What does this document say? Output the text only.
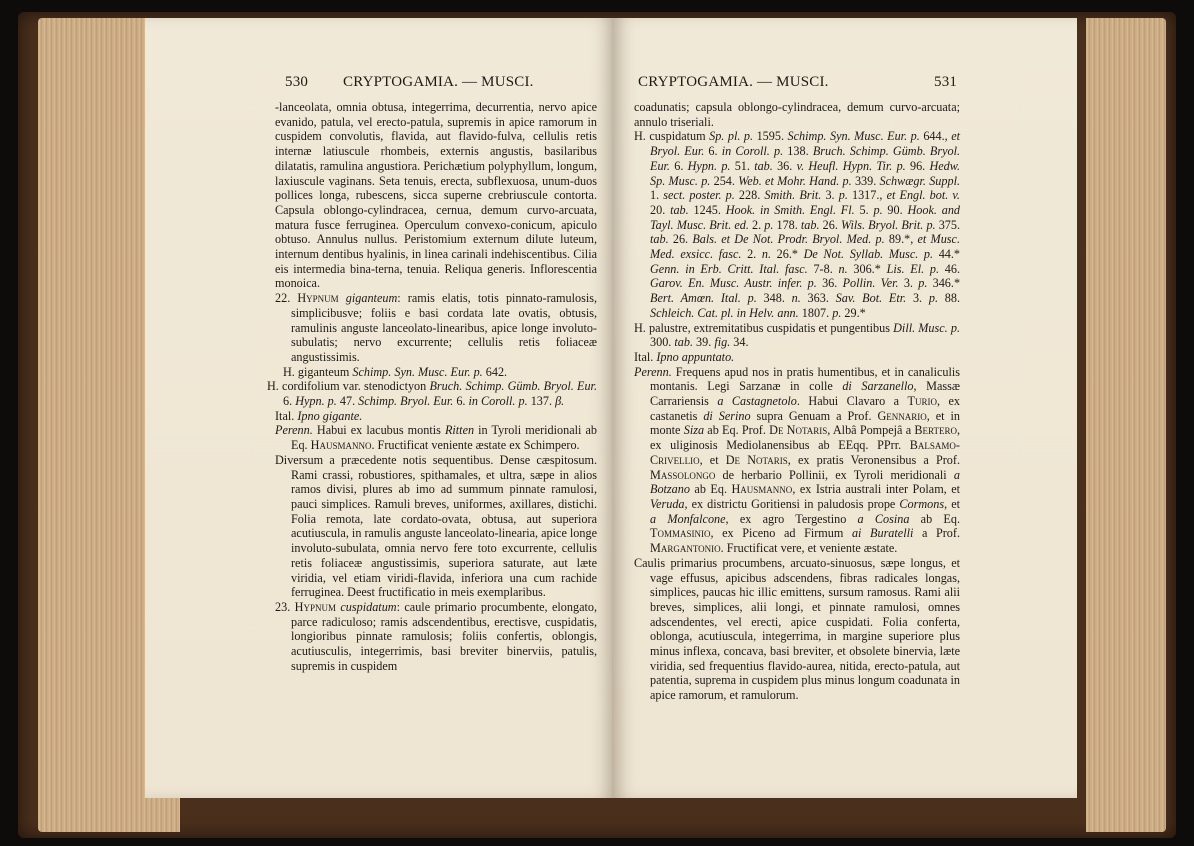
530 CRYPTOGAMIA. — MUSCI.

-lanceolata, omnia obtusa, integerrima, decurrentia, nervo apice evanido, patula, vel erecto-patula, supremis in apice ramorum in cuspidem convolutis, flavida, aut flavido-fulva, cellulis retis internæ latiuscule rhombeis, externis angustis, basilaribus dilatatis, ramulina angustiora. Perichætium polyphyllum, longum, laxiuscule vaginans. Seta tenuis, erecta, subflexuosa, unum-duos pollices longa, rubescens, sicca superne crebriuscule contorta. Capsula oblongo-cylindracea, cernua, demum curvo-arcuata, matura fusce ferruginea. Operculum convexo-conicum, apiculo obtuso. Annulus nullus. Peristomium externum dilute luteum, internum dentibus hyalinis, in linea carinali indehiscentibus. Cilia eis intermedia bina-terna, tenuia. Reliqua generis. Inflorescentia monoica.

22. Hypnum giganteum: ramis elatis, totis pinnato-ramulosis, simplicibusve; foliis e basi cordata late ovatis, obtusis, ramulinis anguste lanceolato-linearibus, apice longe involuto-subulatis; nervo excurrente; cellulis retis foliaceæ angustissimis.

H. giganteum Schimp. Syn. Musc. Eur. p. 642.

H. cordifolium var. stenodictyon Bruch. Schimp. Gümb. Bryol. Eur. 6. Hypn. p. 47. Schimp. Bryol. Eur. 6. in Coroll. p. 137. β.

Ital. Ipno gigante.

Perenn. Habui ex lacubus montis Ritten in Tyroli meridionali ab Eq. Hausmanno. Fructificat veniente æstate ex Schimpero.

Diversum a præcedente notis sequentibus. Dense cæspitosum. Rami crassi, robustiores, spithamales, et ultra, sæpe in alios ramos divisi, plures ab imo ad summum pinnate ramulosi, pauci simplices. Ramuli breves, uniformes, axillares, distichi. Folia remota, late cordato-ovata, obtusa, aut superiora acutiuscula, in ramulis anguste lanceolato-linearia, apice longe involuto-subulata, omnia nervo fere toto excurrente, cellulis retis foliaceæ angustissimis, superiora saturate, aut læte viridia, vel etiam viridi-flavida, inferiora una cum rachide ferruginea. Deest fructificatio in meis exemplaribus.

23. Hypnum cuspidatum: caule primario procumbente, elongato, parce radiculoso; ramis adscendentibus, erectisve, cuspidatis, longioribus pinnate ramulosis; foliis confertis, oblongis, acutiusculis, integerrimis, basi breviter binerviis, patulis, supremis in cuspidem

CRYPTOGAMIA. — MUSCI.	531

coadunatis; capsula oblongo-cylindracea, demum curvo-arcuata; annulo triseriali.

H. cuspidatum Sp. pl. p. 1595. Schimp. Syn. Musc. Eur. p. 644., et Bryol. Eur. 6. in Coroll. p. 138. Bruch. Schimp. Gümb. Bryol. Eur. 6. Hypn. p. 51. tab. 36. v. Heufl. Hypn. Tir. p. 96. Hedw. Sp. Musc. p. 254. Web. et Mohr. Hand. p. 339. Schwægr. Suppl. 1. sect. poster. p. 228. Smith. Brit. 3. p. 1317., et Engl. bot. v. 20. tab. 1245. Hook. in Smith. Engl. Fl. 5. p. 90. Hook. and Tayl. Musc. Brit. ed. 2. p. 178. tab. 26. Wils. Bryol. Brit. p. 375. tab. 26. Bals. et De Not. Prodr. Bryol. Med. p. 89.*, et Musc. Med. exsicc. fasc. 2. n. 26.* De Not. Syllab. Musc. p. 44.* Genn. in Erb. Critt. Ital. fasc. 7-8. n. 306.* Lis. El. p. 46. Garov. En. Musc. Austr. infer. p. 36. Pollin. Ver. 3. p. 346.* Bert. Amœn. Ital. p. 348. n. 363. Sav. Bot. Etr. 3. p. 88. Schleich. Cat. pl. in Helv. ann. 1807. p. 29.*

H. palustre, extremitatibus cuspidatis et pungentibus Dill. Musc. p. 300. tab. 39. fig. 34.

Ital. Ipno appuntato.

Perenn. Frequens apud nos in pratis humentibus, et in canaliculis montanis. Legi Sarzanæ in colle di Sarzanello, Massæ Carrariensis a Castagnetolo. Habui Clavaro a Turio, ex castanetis di Serino supra Genuam a Prof. Gennario, et in monte Siza ab Eq. Prof. De Notaris, Albâ Pompejâ a Bertero, ex uliginosis Mediolanensibus ab EEqq. PPrr. Balsamo-Crivellio, et De Notaris, ex pratis Veronensibus a Prof. Massolongo de herbario Pollinii, ex Tyroli meridionali a Botzano ab Eq. Hausmanno, ex Istria australi inter Polam, et Veruda, ex districtu Goritiensi in paludosis prope Cormons, et a Monfalcone, ex agro Tergestino a Cosina ab Eq. Tommasinio, ex Piceno ad Firmum ai Buratelli a Prof. Margantonio. Fructificat vere, et veniente æstate.

Caulis primarius procumbens, arcuato-sinuosus, sæpe longus, et vage effusus, apicibus adscendens, fibras radicales longas, simplices, paucas hic illic emittens, sursum ramosus. Rami alii breves, simplices, alii longi, et pinnate ramulosi, omnes adscendentes, vel erecti, apice cuspidati. Folia conferta, oblonga, acutiuscula, integerrima, in margine superiore plus minus inflexa, concava, basi breviter, et obsolete binervia, læte viridia, sed frequentius flavido-aurea, nitida, erecto-patula, aut patentia, suprema in cuspidem plus minus longum coadunata in apice ramorum, et ramulorum.
